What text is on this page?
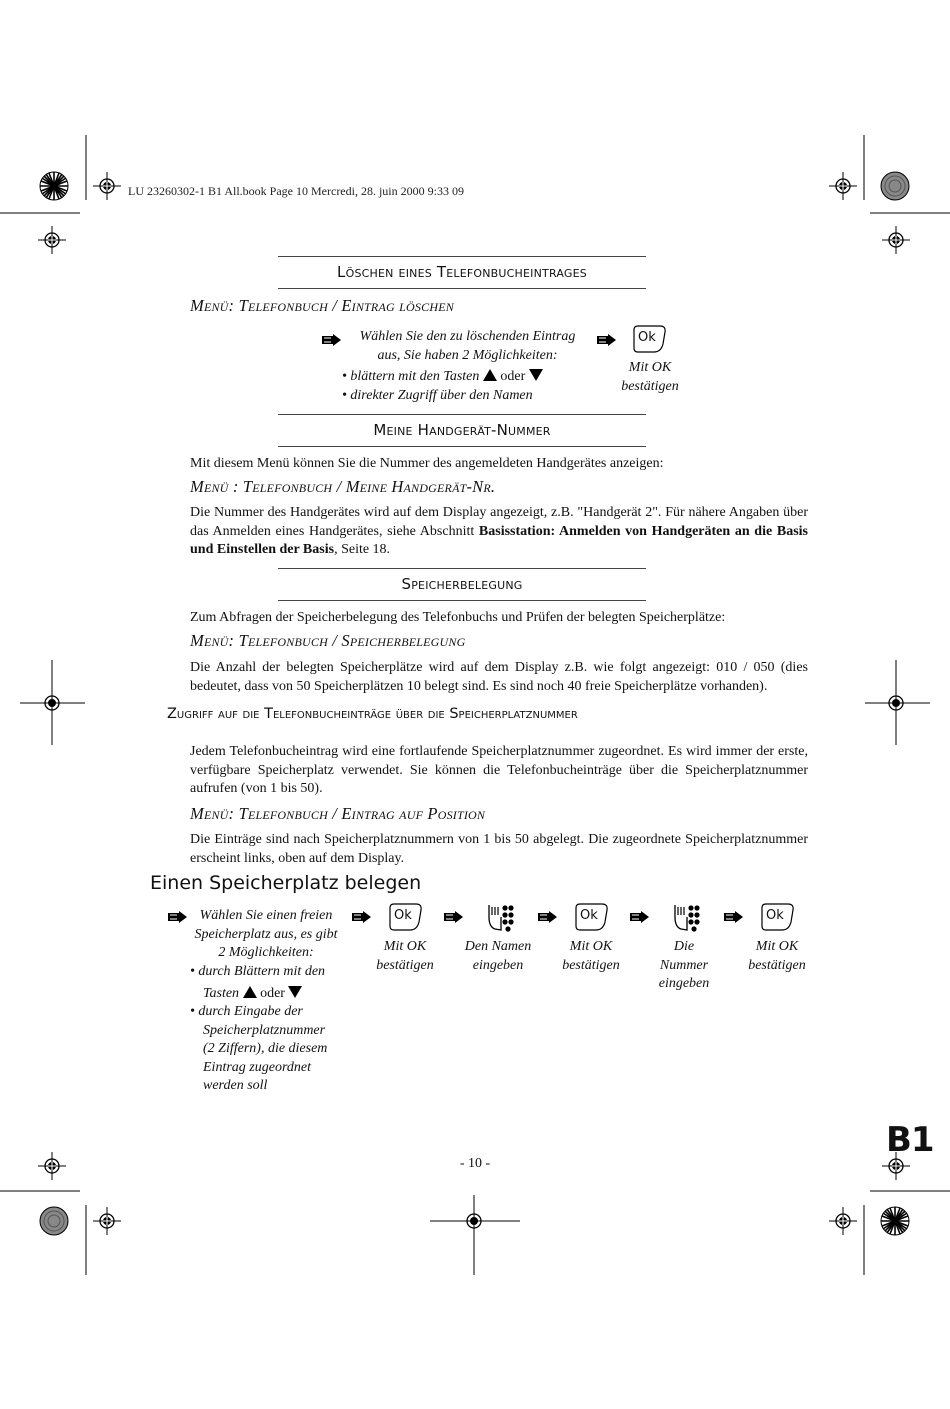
LU 23260302-1 B1 All.book Page 10 Mercredi, 28. juin 2000 9:33 09
Löschen eines Telefonbucheintrages
Menü: Telefonbuch / Eintrag löschen
Wählen Sie den zu löschenden Eintrag
aus, Sie haben 2 Möglichkeiten:
• blättern mit den Tasten oder
• direkter Zugriff über den Namen
Ok
Mit OK
bestätigen
Meine Handgerät-Nummer
Mit diesem Menü können Sie die Nummer des angemeldeten Handgerätes anzeigen:
Menü : Telefonbuch / Meine Handgerät-Nr.
Die Nummer des Handgerätes wird auf dem Display angezeigt, z.B. "Handgerät 2". Für nähere Angaben über das Anmelden eines Handgerätes, siehe Abschnitt Basisstation: Anmelden von Handgeräten an die Basis und Einstellen der Basis, Seite 18.
Speicherbelegung
Zum Abfragen der Speicherbelegung des Telefonbuchs und Prüfen der belegten Speicherplätze:
Menü: Telefonbuch / Speicherbelegung
Die Anzahl der belegten Speicherplätze wird auf dem Display z.B. wie folgt angezeigt: 010 / 050 (dies bedeutet, dass von 50 Speicherplätzen 10 belegt sind. Es sind noch 40 freie Speicherplätze vorhanden).
Zugriff auf die Telefonbucheinträge über die Speicherplatznummer
Jedem Telefonbucheintrag wird eine fortlaufende Speicherplatznummer zugeordnet. Es wird immer der erste, verfügbare Speicherplatz verwendet. Sie können die Telefonbucheinträge über die Speicherplatznummer aufrufen (von 1 bis 50).
Menü: Telefonbuch / Eintrag auf Position
Die Einträge sind nach Speicherplatznummern von 1 bis 50 abgelegt. Die zugeordnete Speicherplatznummer erscheint links, oben auf dem Display.
Einen Speicherplatz belegen
Wählen Sie einen freien
Speicherplatz aus, es gibt
2 Möglichkeiten:
• durch Blättern mit den
Tasten oder
• durch Eingabe der
Speicherplatznummer
(2 Ziffern), die diesem
Eintrag zugeordnet
werden soll
Ok
Mit OK
bestätigen
Den Namen
eingeben
Ok
Mit OK
bestätigen
Die
Nummer
eingeben
Ok
Mit OK
bestätigen
- 10 -
B1
